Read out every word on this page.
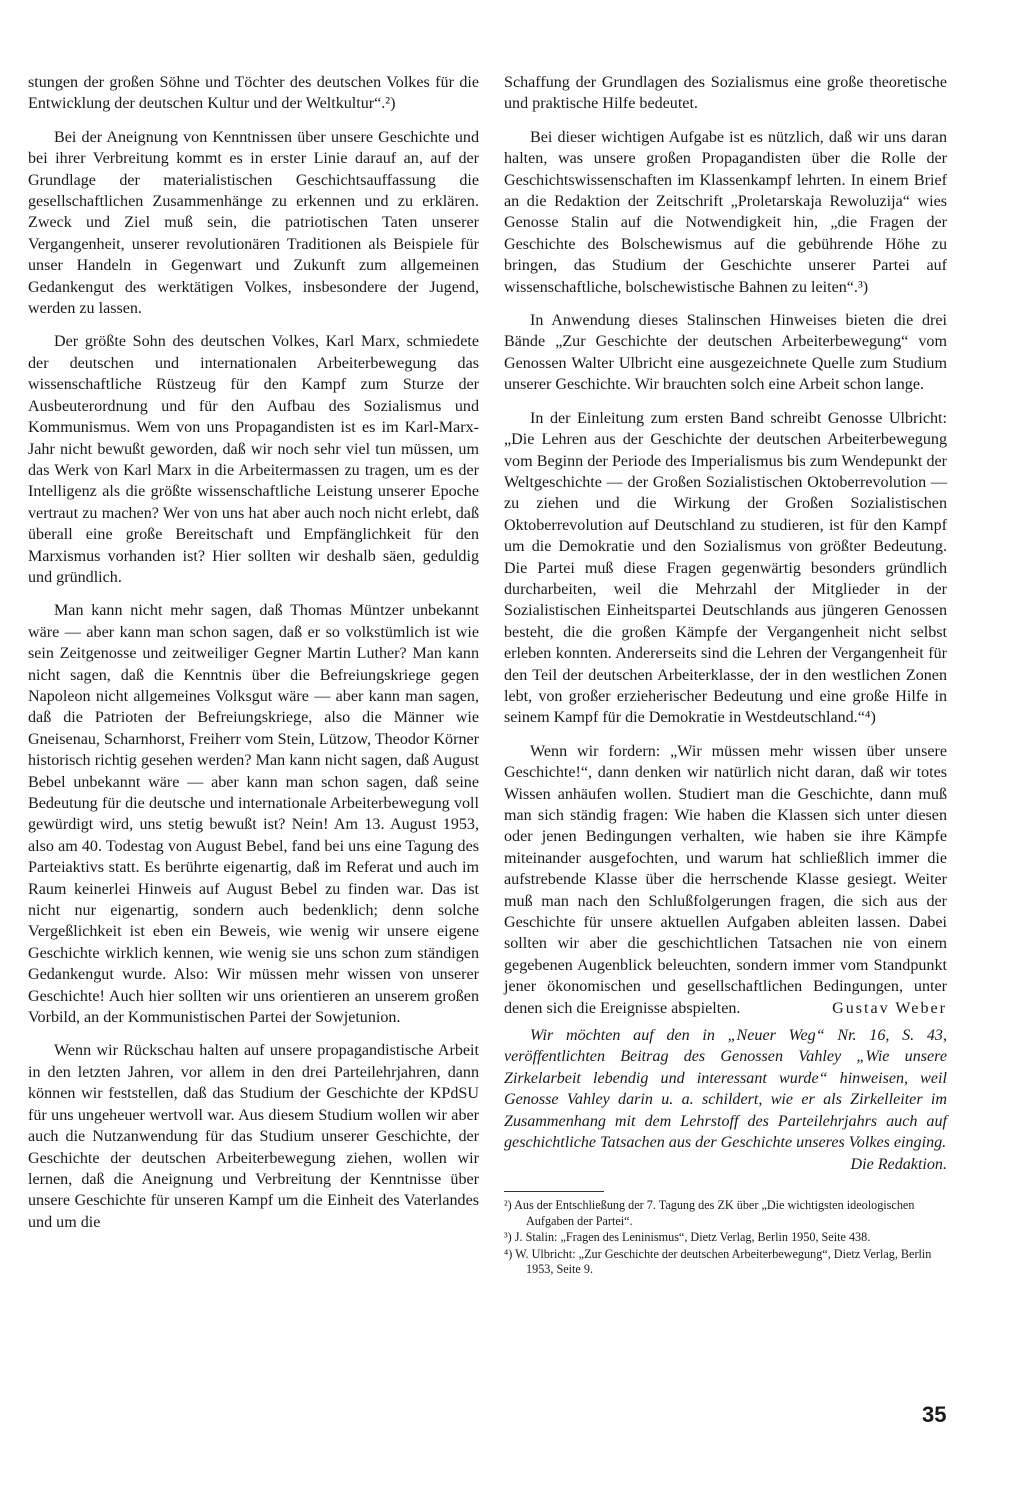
stungen der großen Söhne und Töchter des deutschen Volkes für die Entwicklung der deutschen Kultur und der Weltkultur“.²)

Bei der Aneignung von Kenntnissen über unsere Geschichte und bei ihrer Verbreitung kommt es in erster Linie darauf an, auf der Grundlage der materialistischen Geschichtsauffassung die gesellschaftlichen Zusammenhänge zu erkennen und zu erklären. Zweck und Ziel muß sein, die patriotischen Taten unserer Vergangenheit, unserer revolutionären Traditionen als Beispiele für unser Handeln in Gegenwart und Zukunft zum allgemeinen Gedankengut des werktätigen Volkes, insbesondere der Jugend, werden zu lassen.

Der größte Sohn des deutschen Volkes, Karl Marx, schmiedete der deutschen und internationalen Arbeiterbewegung das wissenschaftliche Rüstzeug für den Kampf zum Sturze der Ausbeuterordnung und für den Aufbau des Sozialismus und Kommunismus. Wem von uns Propagandisten ist es im Karl-Marx-Jahr nicht bewußt geworden, daß wir noch sehr viel tun müssen, um das Werk von Karl Marx in die Arbeitermassen zu tragen, um es der Intelligenz als die größte wissenschaftliche Leistung unserer Epoche vertraut zu machen? Wer von uns hat aber auch noch nicht erlebt, daß überall eine große Bereitschaft und Empfänglichkeit für den Marxismus vorhanden ist? Hier sollten wir deshalb säen, geduldig und gründlich.

Man kann nicht mehr sagen, daß Thomas Müntzer unbekannt wäre — aber kann man schon sagen, daß er so volkstümlich ist wie sein Zeitgenosse und zeitweiliger Gegner Martin Luther? Man kann nicht sagen, daß die Kenntnis über die Befreiungskriege gegen Napoleon nicht allgemeines Volksgut wäre — aber kann man sagen, daß die Patrioten der Befreiungskriege, also die Männer wie Gneisenau, Scharnhorst, Freiherr vom Stein, Lützow, Theodor Körner historisch richtig gesehen werden? Man kann nicht sagen, daß August Bebel unbekannt wäre — aber kann man schon sagen, daß seine Bedeutung für die deutsche und internationale Arbeiterbewegung voll gewürdigt wird, uns stetig bewußt ist? Nein! Am 13. August 1953, also am 40. Todestag von August Bebel, fand bei uns eine Tagung des Parteiaktivs statt. Es berührte eigenartig, daß im Referat und auch im Raum keinerlei Hinweis auf August Bebel zu finden war. Das ist nicht nur eigenartig, sondern auch bedenklich; denn solche Vergeßlichkeit ist eben ein Beweis, wie wenig wir unsere eigene Geschichte wirklich kennen, wie wenig sie uns schon zum ständigen Gedankengut wurde. Also: Wir müssen mehr wissen von unserer Geschichte! Auch hier sollten wir uns orientieren an unserem großen Vorbild, an der Kommunistischen Partei der Sowjetunion.

Wenn wir Rückschau halten auf unsere propagandistische Arbeit in den letzten Jahren, vor allem in den drei Parteilehrjahren, dann können wir feststellen, daß das Studium der Geschichte der KPdSU für uns ungeheuer wertvoll war. Aus diesem Studium wollen wir aber auch die Nutzanwendung für das Studium unserer Geschichte, der Geschichte der deutschen Arbeiterbewegung ziehen, wollen wir lernen, daß die Aneignung und Verbreitung der Kenntnisse über unsere Geschichte für unseren Kampf um die Einheit des Vaterlandes und um die

Schaffung der Grundlagen des Sozialismus eine große theoretische und praktische Hilfe bedeutet.

Bei dieser wichtigen Aufgabe ist es nützlich, daß wir uns daran halten, was unsere großen Propagandisten über die Rolle der Geschichtswissenschaften im Klassenkampf lehrten. In einem Brief an die Redaktion der Zeitschrift „Proletarskaja Rewoluzija“ wies Genosse Stalin auf die Notwendigkeit hin, „die Fragen der Geschichte des Bolschewismus auf die gebührende Höhe zu bringen, das Studium der Geschichte unserer Partei auf wissenschaftliche, bolschewistische Bahnen zu leiten“.³)

In Anwendung dieses Stalinschen Hinweises bieten die drei Bände „Zur Geschichte der deutschen Arbeiterbewegung“ vom Genossen Walter Ulbricht eine ausgezeichnete Quelle zum Studium unserer Geschichte. Wir brauchten solch eine Arbeit schon lange.

In der Einleitung zum ersten Band schreibt Genosse Ulbricht: „Die Lehren aus der Geschichte der deutschen Arbeiterbewegung vom Beginn der Periode des Imperialismus bis zum Wendepunkt der Weltgeschichte — der Großen Sozialistischen Oktoberrevolution — zu ziehen und die Wirkung der Großen Sozialistischen Oktoberrevolution auf Deutschland zu studieren, ist für den Kampf um die Demokratie und den Sozialismus von größter Bedeutung. Die Partei muß diese Fragen gegenwärtig besonders gründlich durcharbeiten, weil die Mehrzahl der Mitglieder in der Sozialistischen Einheitspartei Deutschlands aus jüngeren Genossen besteht, die die großen Kämpfe der Vergangenheit nicht selbst erleben konnten. Andererseits sind die Lehren der Vergangenheit für den Teil der deutschen Arbeiterklasse, der in den westlichen Zonen lebt, von großer erzieherischer Bedeutung und eine große Hilfe in seinem Kampf für die Demokratie in Westdeutschland.“⁴)

Wenn wir fordern: „Wir müssen mehr wissen über unsere Geschichte!“, dann denken wir natürlich nicht daran, daß wir totes Wissen anhäufen wollen. Studiert man die Geschichte, dann muß man sich ständig fragen: Wie haben die Klassen sich unter diesen oder jenen Bedingungen verhalten, wie haben sie ihre Kämpfe miteinander ausgefochten, und warum hat schließlich immer die aufstrebende Klasse über die herrschende Klasse gesiegt. Weiter muß man nach den Schlußfolgerungen fragen, die sich aus der Geschichte für unsere aktuellen Aufgaben ableiten lassen. Dabei sollten wir aber die geschichtlichen Tatsachen nie von einem gegebenen Augenblick beleuchten, sondern immer vom Standpunkt jener ökonomischen und gesellschaftlichen Bedingungen, unter denen sich die Ereignisse abspielten.	Gustav Weber

Wir möchten auf den in „Neuer Weg“ Nr. 16, S. 43, veröffentlichten Beitrag des Genossen Vahley „Wie unsere Zirkelarbeit lebendig und interessant wurde“ hinweisen, weil Genosse Vahley darin u. a. schildert, wie er als Zirkelleiter im Zusammenhang mit dem Lehrstoff des Parteilehrjahrs auch auf geschichtliche Tatsachen aus der Geschichte unseres Volkes einging.
Die Redaktion.

²) Aus der Entschließung der 7. Tagung des ZK über „Die wichtigsten ideologischen Aufgaben der Partei“.
³) J. Stalin: „Fragen des Leninismus“, Dietz Verlag, Berlin 1950, Seite 438.
⁴) W. Ulbricht: „Zur Geschichte der deutschen Arbeiterbewegung“, Dietz Verlag, Berlin 1953, Seite 9.
35
